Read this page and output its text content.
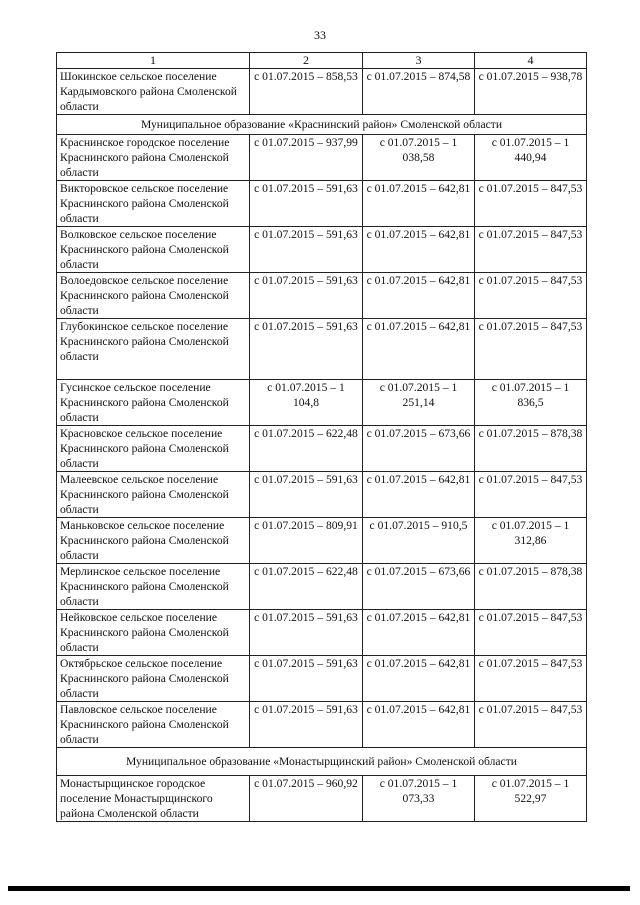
33
1	2	3	4
Шокинское сельское поселение Кардымовского района Смоленской области	с 01.07.2015 – 858,53	с 01.07.2015 – 874,58	с 01.07.2015 – 938,78
Муниципальное образование «Краснинский район» Смоленской области			
Краснинское городское поселение Краснинского района Смоленской области	с 01.07.2015 – 937,99	с 01.07.2015 – 1 038,58	с 01.07.2015 – 1 440,94
Викторовское сельское поселение Краснинского района Смоленской области	с 01.07.2015 – 591,63	с 01.07.2015 – 642,81	с 01.07.2015 – 847,53
Волковское сельское поселение Краснинского района Смоленской области	с 01.07.2015 – 591,63	с 01.07.2015 – 642,81	с 01.07.2015 – 847,53
Волоедовское сельское поселение Краснинского района Смоленской области	с 01.07.2015 – 591,63	с 01.07.2015 – 642,81	с 01.07.2015 – 847,53
Глубокинское сельское поселение Краснинского района Смоленской области	с 01.07.2015 – 591,63	с 01.07.2015 – 642,81	с 01.07.2015 – 847,53
Гусинское сельское поселение Краснинского района Смоленской области	с 01.07.2015 – 1 104,8	с 01.07.2015 – 1 251,14	с 01.07.2015 – 1 836,5
Красновское сельское поселение Краснинского района Смоленской области	с 01.07.2015 – 622,48	с 01.07.2015 – 673,66	с 01.07.2015 – 878,38
Малеевское сельское поселение Краснинского района Смоленской области	с 01.07.2015 – 591,63	с 01.07.2015 – 642,81	с 01.07.2015 – 847,53
Маньковское сельское поселение Краснинского района Смоленской области	с 01.07.2015 – 809,91	с 01.07.2015 – 910,5	с 01.07.2015 – 1 312,86
Мерлинское сельское поселение Краснинского района Смоленской области	с 01.07.2015 – 622,48	с 01.07.2015 – 673,66	с 01.07.2015 – 878,38
Нейковское сельское поселение Краснинского района Смоленской области	с 01.07.2015 – 591,63	с 01.07.2015 – 642,81	с 01.07.2015 – 847,53
Октябрьское сельское поселение Краснинского района Смоленской области	с 01.07.2015 – 591,63	с 01.07.2015 – 642,81	с 01.07.2015 – 847,53
Павловское сельское поселение Краснинского района Смоленской области	с 01.07.2015 – 591,63	с 01.07.2015 – 642,81	с 01.07.2015 – 847,53
Муниципальное образование «Монастырщинский район» Смоленской области			
Монастырщинское городское поселение Монастырщинского района Смоленской области	с 01.07.2015 – 960,92	с 01.07.2015 – 1 073,33	с 01.07.2015 – 1 522,97
